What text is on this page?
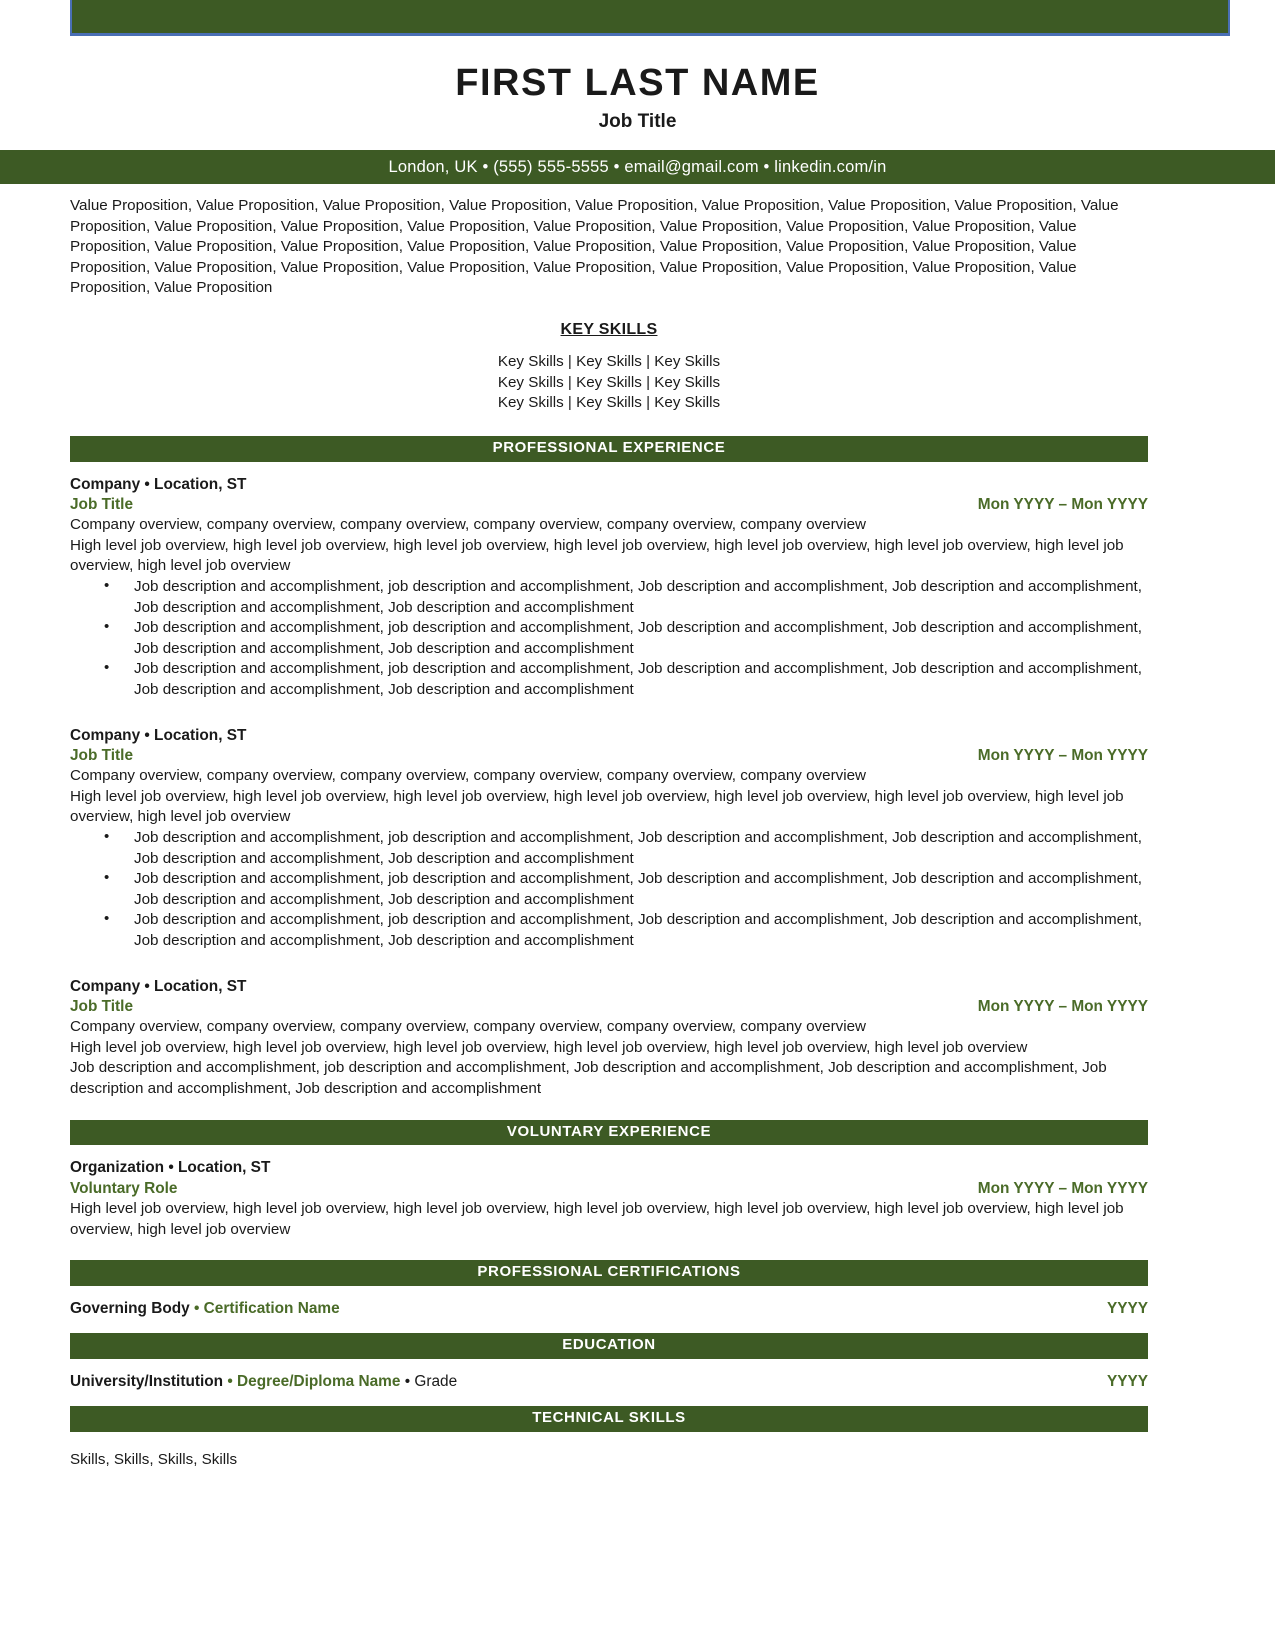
FIRST LAST NAME
Job Title
London, UK • (555) 555-5555 • email@gmail.com • linkedin.com/in
Value Proposition, Value Proposition, Value Proposition, Value Proposition, Value Proposition, Value Proposition, Value Proposition, Value Proposition, Value Proposition, Value Proposition, Value Proposition, Value Proposition, Value Proposition, Value Proposition, Value Proposition, Value Proposition, Value Proposition, Value Proposition, Value Proposition, Value Proposition, Value Proposition, Value Proposition, Value Proposition, Value Proposition, Value Proposition, Value Proposition, Value Proposition, Value Proposition, Value Proposition, Value Proposition, Value Proposition, Value Proposition, Value Proposition, Value Proposition
KEY SKILLS
Key Skills | Key Skills | Key Skills
Key Skills | Key Skills | Key Skills
Key Skills | Key Skills | Key Skills
PROFESSIONAL EXPERIENCE
Company • Location, ST
Job Title	Mon YYYY – Mon YYYY
Company overview, company overview, company overview, company overview, company overview, company overview
High level job overview, high level job overview, high level job overview, high level job overview, high level job overview, high level job overview, high level job overview, high level job overview
• Job description and accomplishment, job description and accomplishment, Job description and accomplishment, Job description and accomplishment, Job description and accomplishment, Job description and accomplishment
• Job description and accomplishment, job description and accomplishment, Job description and accomplishment, Job description and accomplishment, Job description and accomplishment, Job description and accomplishment
• Job description and accomplishment, job description and accomplishment, Job description and accomplishment, Job description and accomplishment, Job description and accomplishment, Job description and accomplishment
Company • Location, ST
Job Title	Mon YYYY – Mon YYYY
Company overview, company overview, company overview, company overview, company overview, company overview
High level job overview, high level job overview, high level job overview, high level job overview, high level job overview, high level job overview, high level job overview, high level job overview
• Job description and accomplishment, job description and accomplishment, Job description and accomplishment, Job description and accomplishment, Job description and accomplishment, Job description and accomplishment
• Job description and accomplishment, job description and accomplishment, Job description and accomplishment, Job description and accomplishment, Job description and accomplishment, Job description and accomplishment
• Job description and accomplishment, job description and accomplishment, Job description and accomplishment, Job description and accomplishment, Job description and accomplishment, Job description and accomplishment
Company • Location, ST
Job Title	Mon YYYY – Mon YYYY
Company overview, company overview, company overview, company overview, company overview, company overview
High level job overview, high level job overview, high level job overview, high level job overview, high level job overview, high level job overview
Job description and accomplishment, job description and accomplishment, Job description and accomplishment, Job description and accomplishment, Job description and accomplishment, Job description and accomplishment
VOLUNTARY EXPERIENCE
Organization • Location, ST
Voluntary Role	Mon YYYY – Mon YYYY
High level job overview, high level job overview, high level job overview, high level job overview, high level job overview, high level job overview, high level job overview, high level job overview
PROFESSIONAL CERTIFICATIONS
Governing Body • Certification Name	YYYY
EDUCATION
University/Institution • Degree/Diploma Name • Grade	YYYY
TECHNICAL SKILLS
Skills, Skills, Skills, Skills
